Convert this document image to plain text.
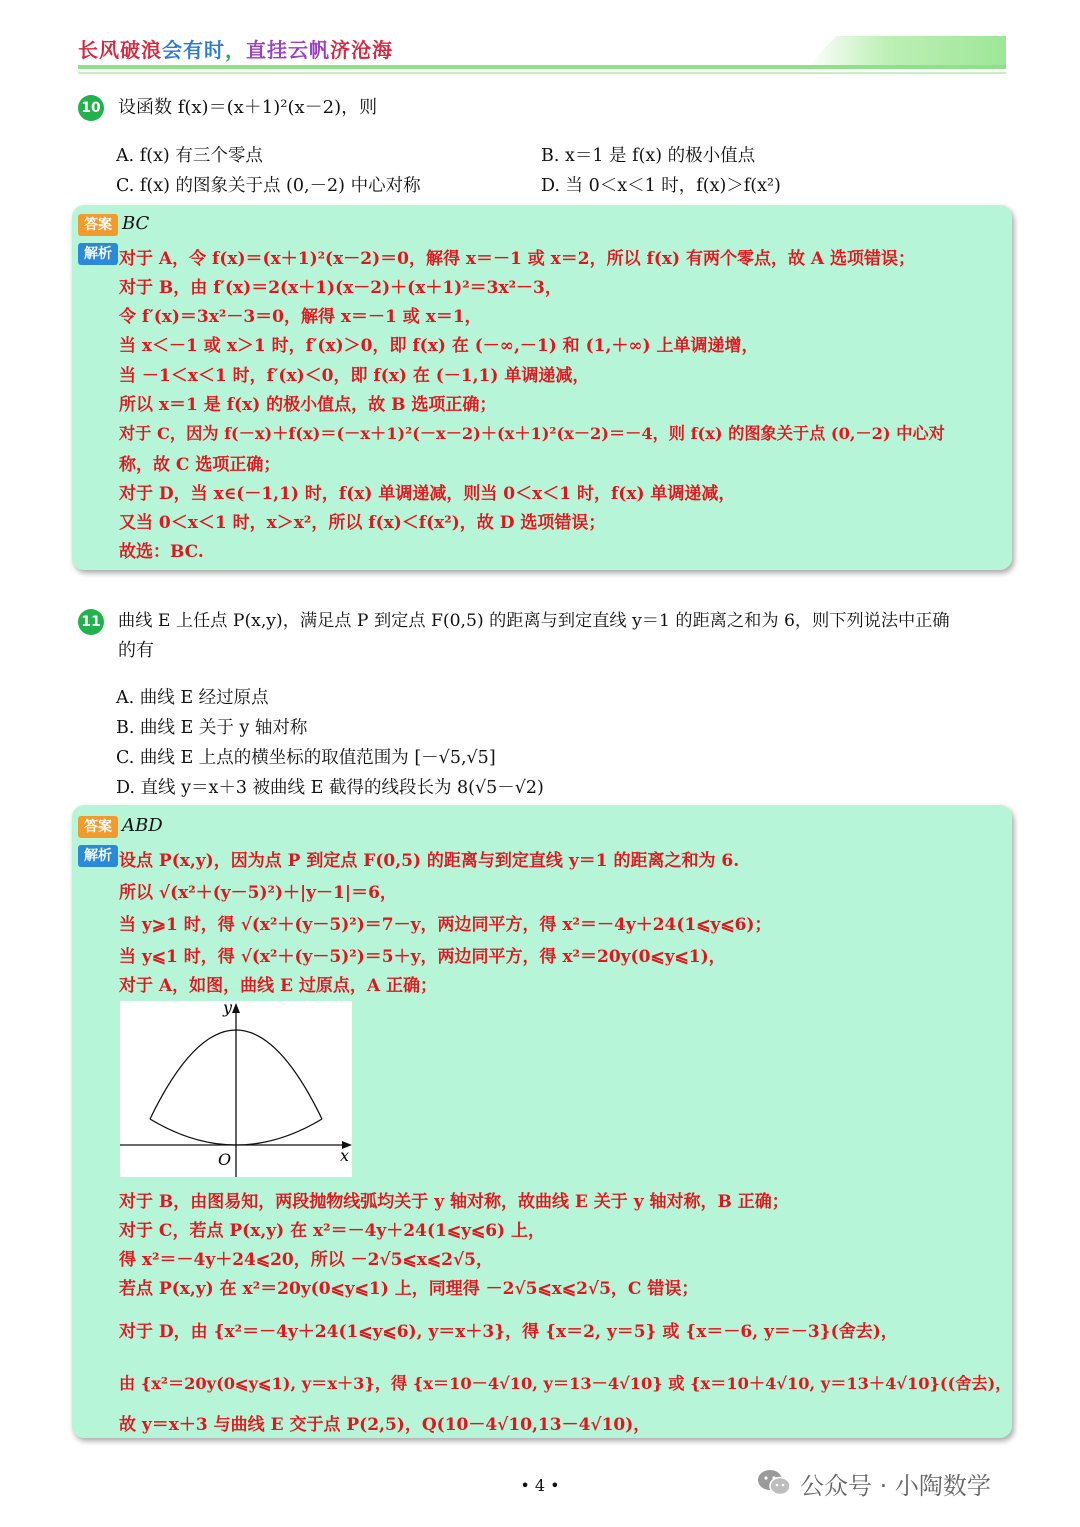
长风破浪会有时，直挂云帆济沧海
10 设函数 f(x)＝(x＋1)²(x－2)，则
A. f(x) 有三个零点	B. x＝1 是 f(x) 的极小值点
C. f(x) 的图象关于点 (0,－2) 中心对称	D. 当 0＜x＜1 时，f(x)＞f(x²)
答案 BC
解析 对于 A，令 f(x)＝(x＋1)²(x－2)＝0，解得 x＝－1 或 x＝2，所以 f(x) 有两个零点，故 A 选项错误；
对于 B，由 f′(x)＝2(x＋1)(x－2)＋(x＋1)²＝3x²－3，
令 f′(x)＝3x²－3＝0，解得 x＝－1 或 x＝1，
当 x＜－1 或 x＞1 时，f′(x)＞0，即 f(x) 在 (－∞,－1) 和 (1,＋∞) 上单调递增，
当 －1＜x＜1 时，f′(x)＜0，即 f(x) 在 (－1,1) 单调递减，
所以 x＝1 是 f(x) 的极小值点，故 B 选项正确；
对于 C，因为 f(－x)＋f(x)＝(－x＋1)²(－x－2)＋(x＋1)²(x－2)＝－4，则 f(x) 的图象关于点 (0,－2) 中心对
称，故 C 选项正确；
对于 D，当 x∈(－1,1) 时，f(x) 单调递减，则当 0＜x＜1 时，f(x) 单调递减，
又当 0＜x＜1 时，x＞x²，所以 f(x)＜f(x²)，故 D 选项错误；
故选：BC.
11 曲线 E 上任点 P(x,y)，满足点 P 到定点 F(0,5) 的距离与到定直线 y＝1 的距离之和为 6，则下列说法中正确
的有
A. 曲线 E 经过原点
B. 曲线 E 关于 y 轴对称
C. 曲线 E 上点的横坐标的取值范围为 [－√5,√5]
D. 直线 y＝x＋3 被曲线 E 截得的线段长为 8(√5－√2)
答案 ABD
解析 设点 P(x,y)，因为点 P 到定点 F(0,5) 的距离与到定直线 y＝1 的距离之和为 6.
所以 √(x²＋(y－5)²)＋|y－1|＝6，
当 y⩾1 时，得 √(x²＋(y－5)²)＝7－y，两边同平方，得 x²＝－4y＋24(1⩽y⩽6)；
当 y⩽1 时，得 √(x²＋(y－5)²)＝5＋y，两边同平方，得 x²＝20y(0⩽y⩽1)，
对于 A，如图，曲线 E 过原点，A 正确；
y
x
O
对于 B，由图易知，两段抛物线弧均关于 y 轴对称，故曲线 E 关于 y 轴对称，B 正确；
对于 C，若点 P(x,y) 在 x²＝－4y＋24(1⩽y⩽6) 上，
得 x²＝－4y＋24⩽20，所以 －2√5⩽x⩽2√5，
若点 P(x,y) 在 x²＝20y(0⩽y⩽1) 上，同理得 －2√5⩽x⩽2√5，C 错误；
对于 D，由 {x²＝－4y＋24(1⩽y⩽6), y＝x＋3}，得 {x＝2, y＝5} 或 {x＝－6, y＝－3}(舍去)，
由 {x²＝20y(0⩽y⩽1), y＝x＋3}，得 {x＝10－4√10, y＝13－4√10} 或 {x＝10＋4√10, y＝13＋4√10}((舍去)，
故 y＝x＋3 与曲线 E 交于点 P(2,5)，Q(10－4√10,13－4√10)，
• 4 •	公众号 · 小陶数学
